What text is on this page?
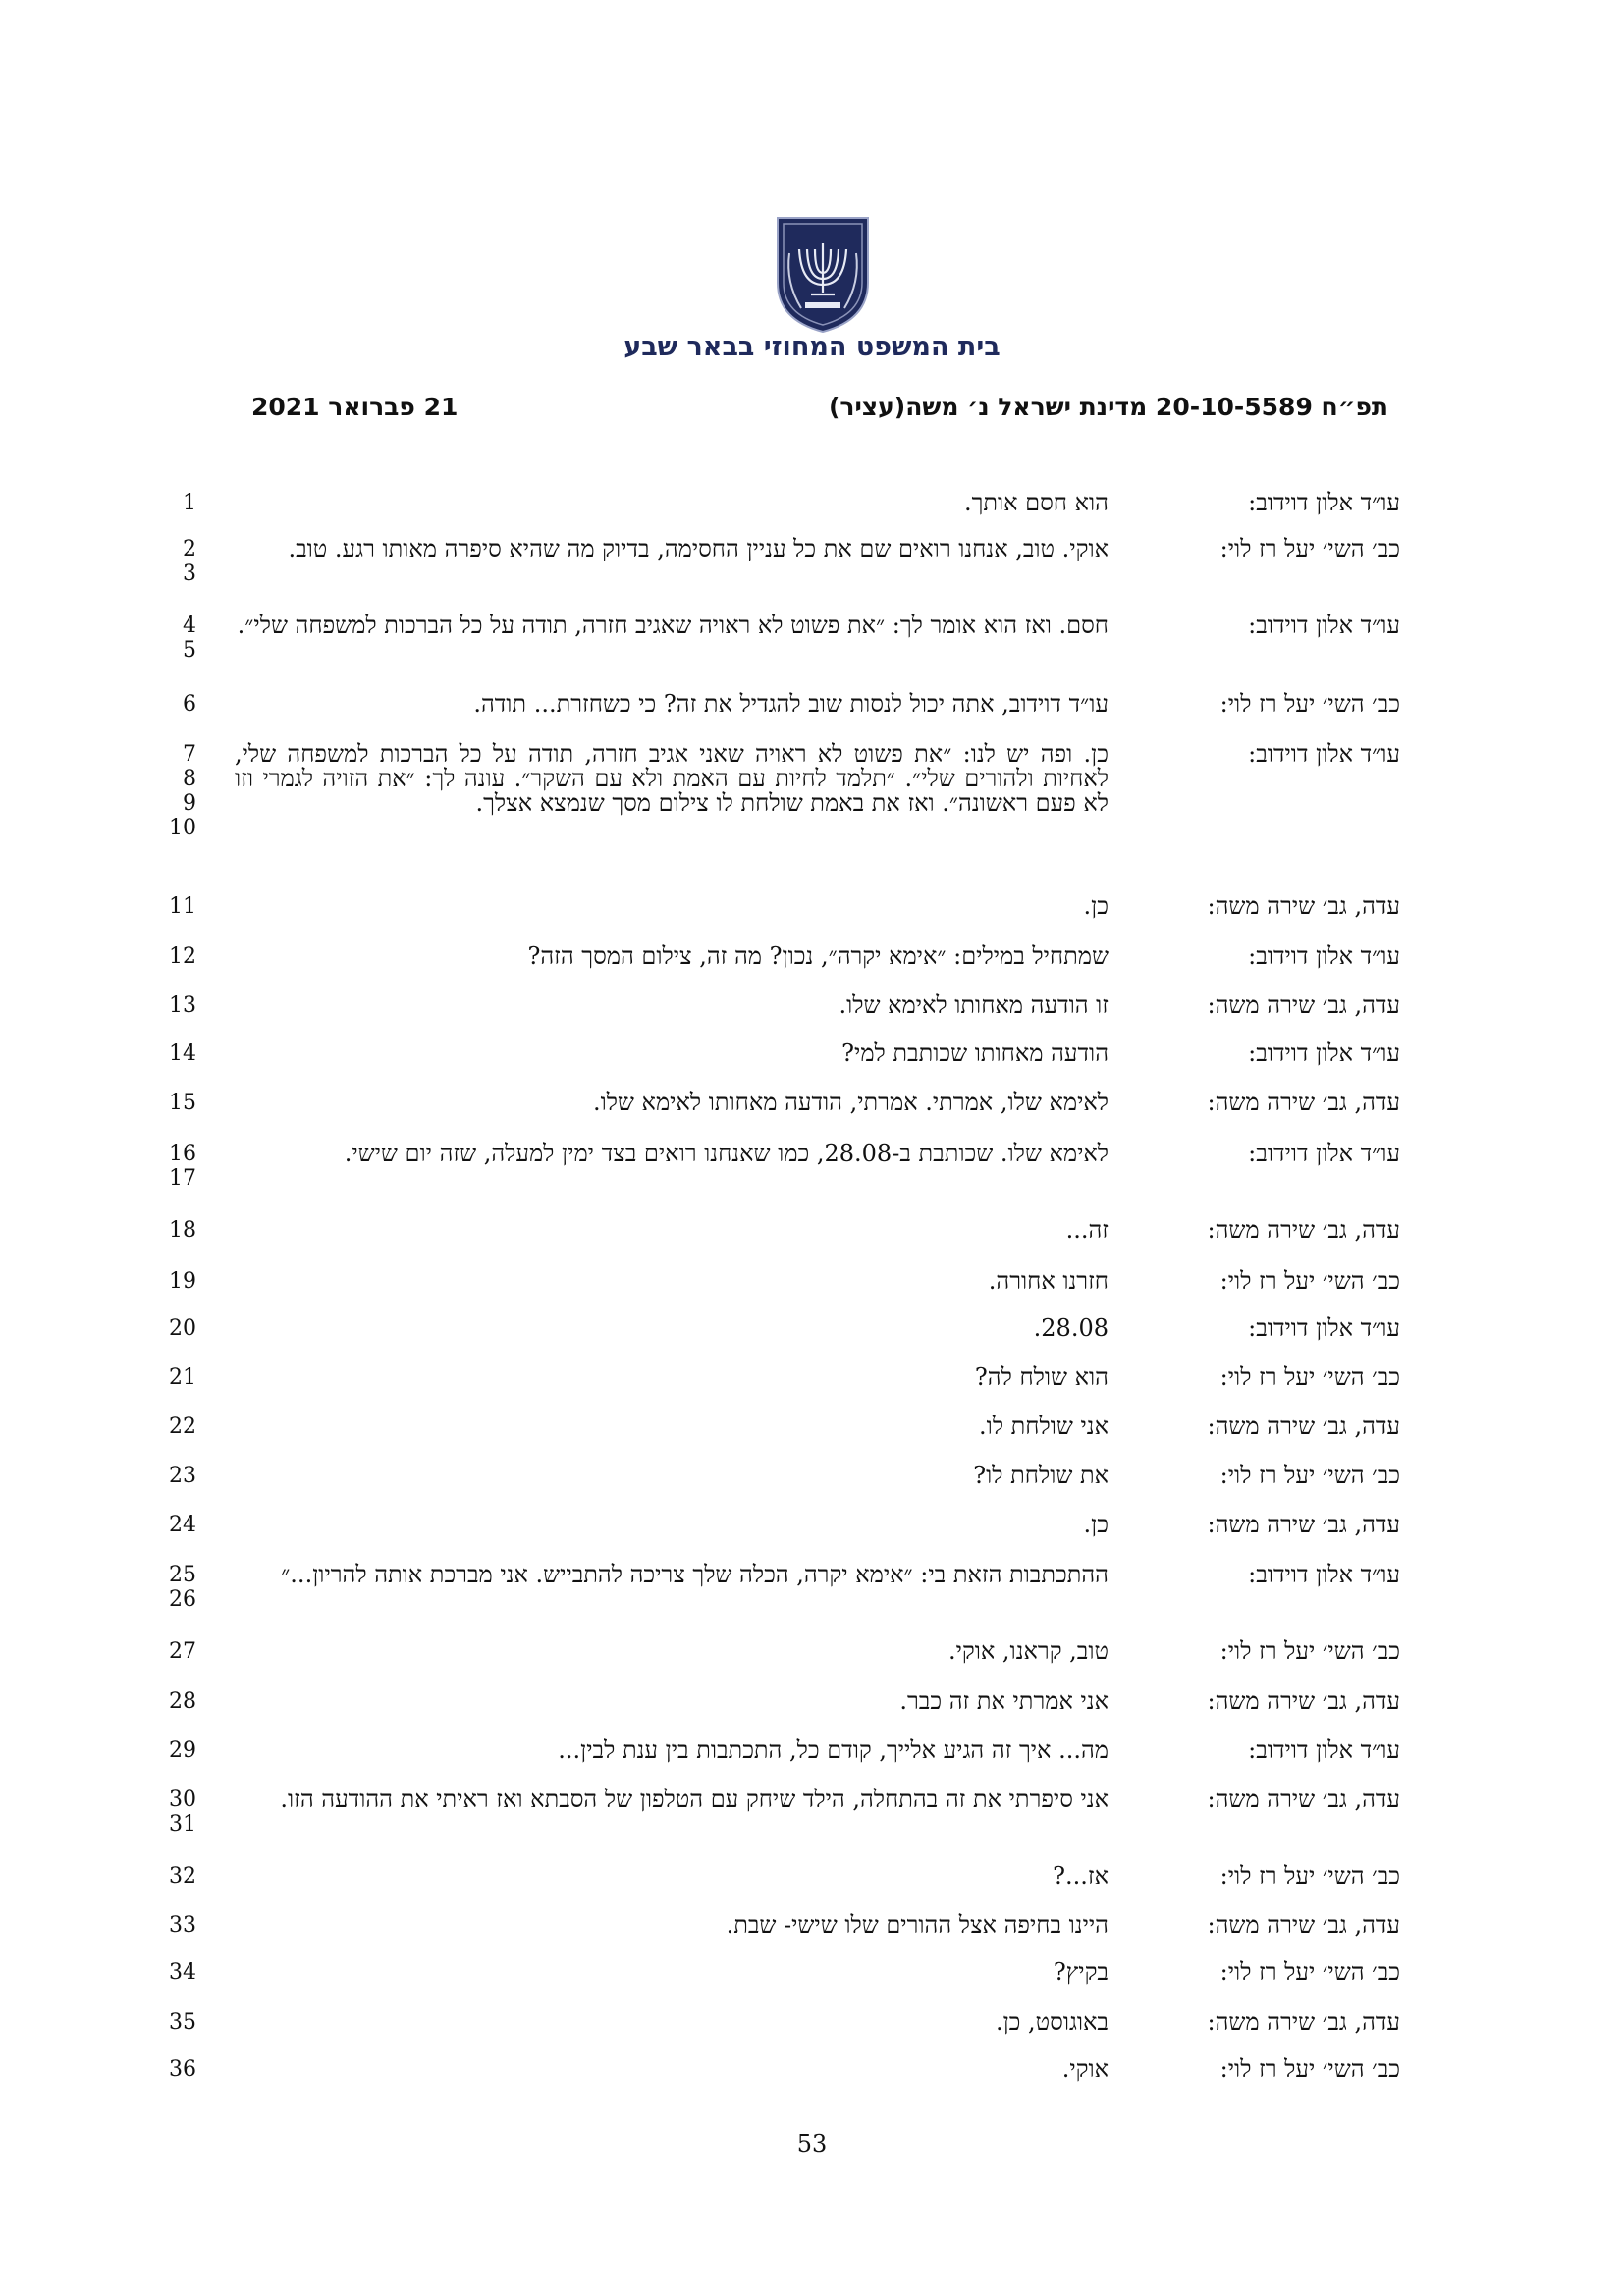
בית המשפט המחוזי בבאר שבע
תפ״ח 20-10-5589 מדינת ישראל נ׳ משה(עציר)
21 פברואר 2021
עו״ד אלון דוידוב:
הוא חסם אותך.
1
כב׳ השי׳ יעל רז לוי:
אוקי. טוב, אנחנו רואים שם את כל עניין החסימה, בדיוק מה שהיא סיפרה מאותו רגע. טוב.
2
3
עו״ד אלון דוידוב:
חסם. ואז הוא אומר לך: ״את פשוט לא ראויה שאגיב חזרה, תודה על כל הברכות למשפחה שלי״.
4
5
כב׳ השי׳ יעל רז לוי:
עו״ד דוידוב, אתה יכול לנסות שוב להגדיל את זה? כי כשחזרת... תודה.
6
עו״ד אלון דוידוב:
כן. ופה יש לנו: ״את פשוט לא ראויה שאני אגיב חזרה, תודה על כל הברכות למשפחה שלי, לאחיות ולהורים שלי״. ״תלמד לחיות עם האמת ולא עם השקר״. עונה לך: ״את הזויה לגמרי וזו לא פעם ראשונה״. ואז את באמת שולחת לו צילום מסך שנמצא אצלך.
7
8
9
10
עדה, גב׳ שירה משה:
כן.
11
עו״ד אלון דוידוב:
שמתחיל במילים: ״אימא יקרה״, נכון? מה זה, צילום המסך הזה?
12
עדה, גב׳ שירה משה:
זו הודעה מאחותו לאימא שלו.
13
עו״ד אלון דוידוב:
הודעה מאחותו שכותבת למי?
14
עדה, גב׳ שירה משה:
לאימא שלו, אמרתי. אמרתי, הודעה מאחותו לאימא שלו.
15
עו״ד אלון דוידוב:
לאימא שלו. שכותבת ב-28.08, כמו שאנחנו רואים בצד ימין למעלה, שזה יום שישי.
16
17
עדה, גב׳ שירה משה:
זה...
18
כב׳ השי׳ יעל רז לוי:
חזרנו אחורה.
19
עו״ד אלון דוידוב:
28.08.
20
כב׳ השי׳ יעל רז לוי:
הוא שולח לה?
21
עדה, גב׳ שירה משה:
אני שולחת לו.
22
כב׳ השי׳ יעל רז לוי:
את שולחת לו?
23
עדה, גב׳ שירה משה:
כן.
24
עו״ד אלון דוידוב:
ההתכתבות הזאת בי: ״אימא יקרה, הכלה שלך צריכה להתבייש. אני מברכת אותה להריון...״
25
26
כב׳ השי׳ יעל רז לוי:
טוב, קראנו, אוקי.
27
עדה, גב׳ שירה משה:
אני אמרתי את זה כבר.
28
עו״ד אלון דוידוב:
מה... איך זה הגיע אלייך, קודם כל, התכתבות בין ענת לבין...
29
עדה, גב׳ שירה משה:
אני סיפרתי את זה בהתחלה, הילד שיחק עם הטלפון של הסבתא ואז ראיתי את ההודעה הזו.
30
31
כב׳ השי׳ יעל רז לוי:
אז...?
32
עדה, גב׳ שירה משה:
היינו בחיפה אצל ההורים שלו שישי- שבת.
33
כב׳ השי׳ יעל רז לוי:
בקיץ?
34
עדה, גב׳ שירה משה:
באוגוסט, כן.
35
כב׳ השי׳ יעל רז לוי:
אוקי.
36
53
